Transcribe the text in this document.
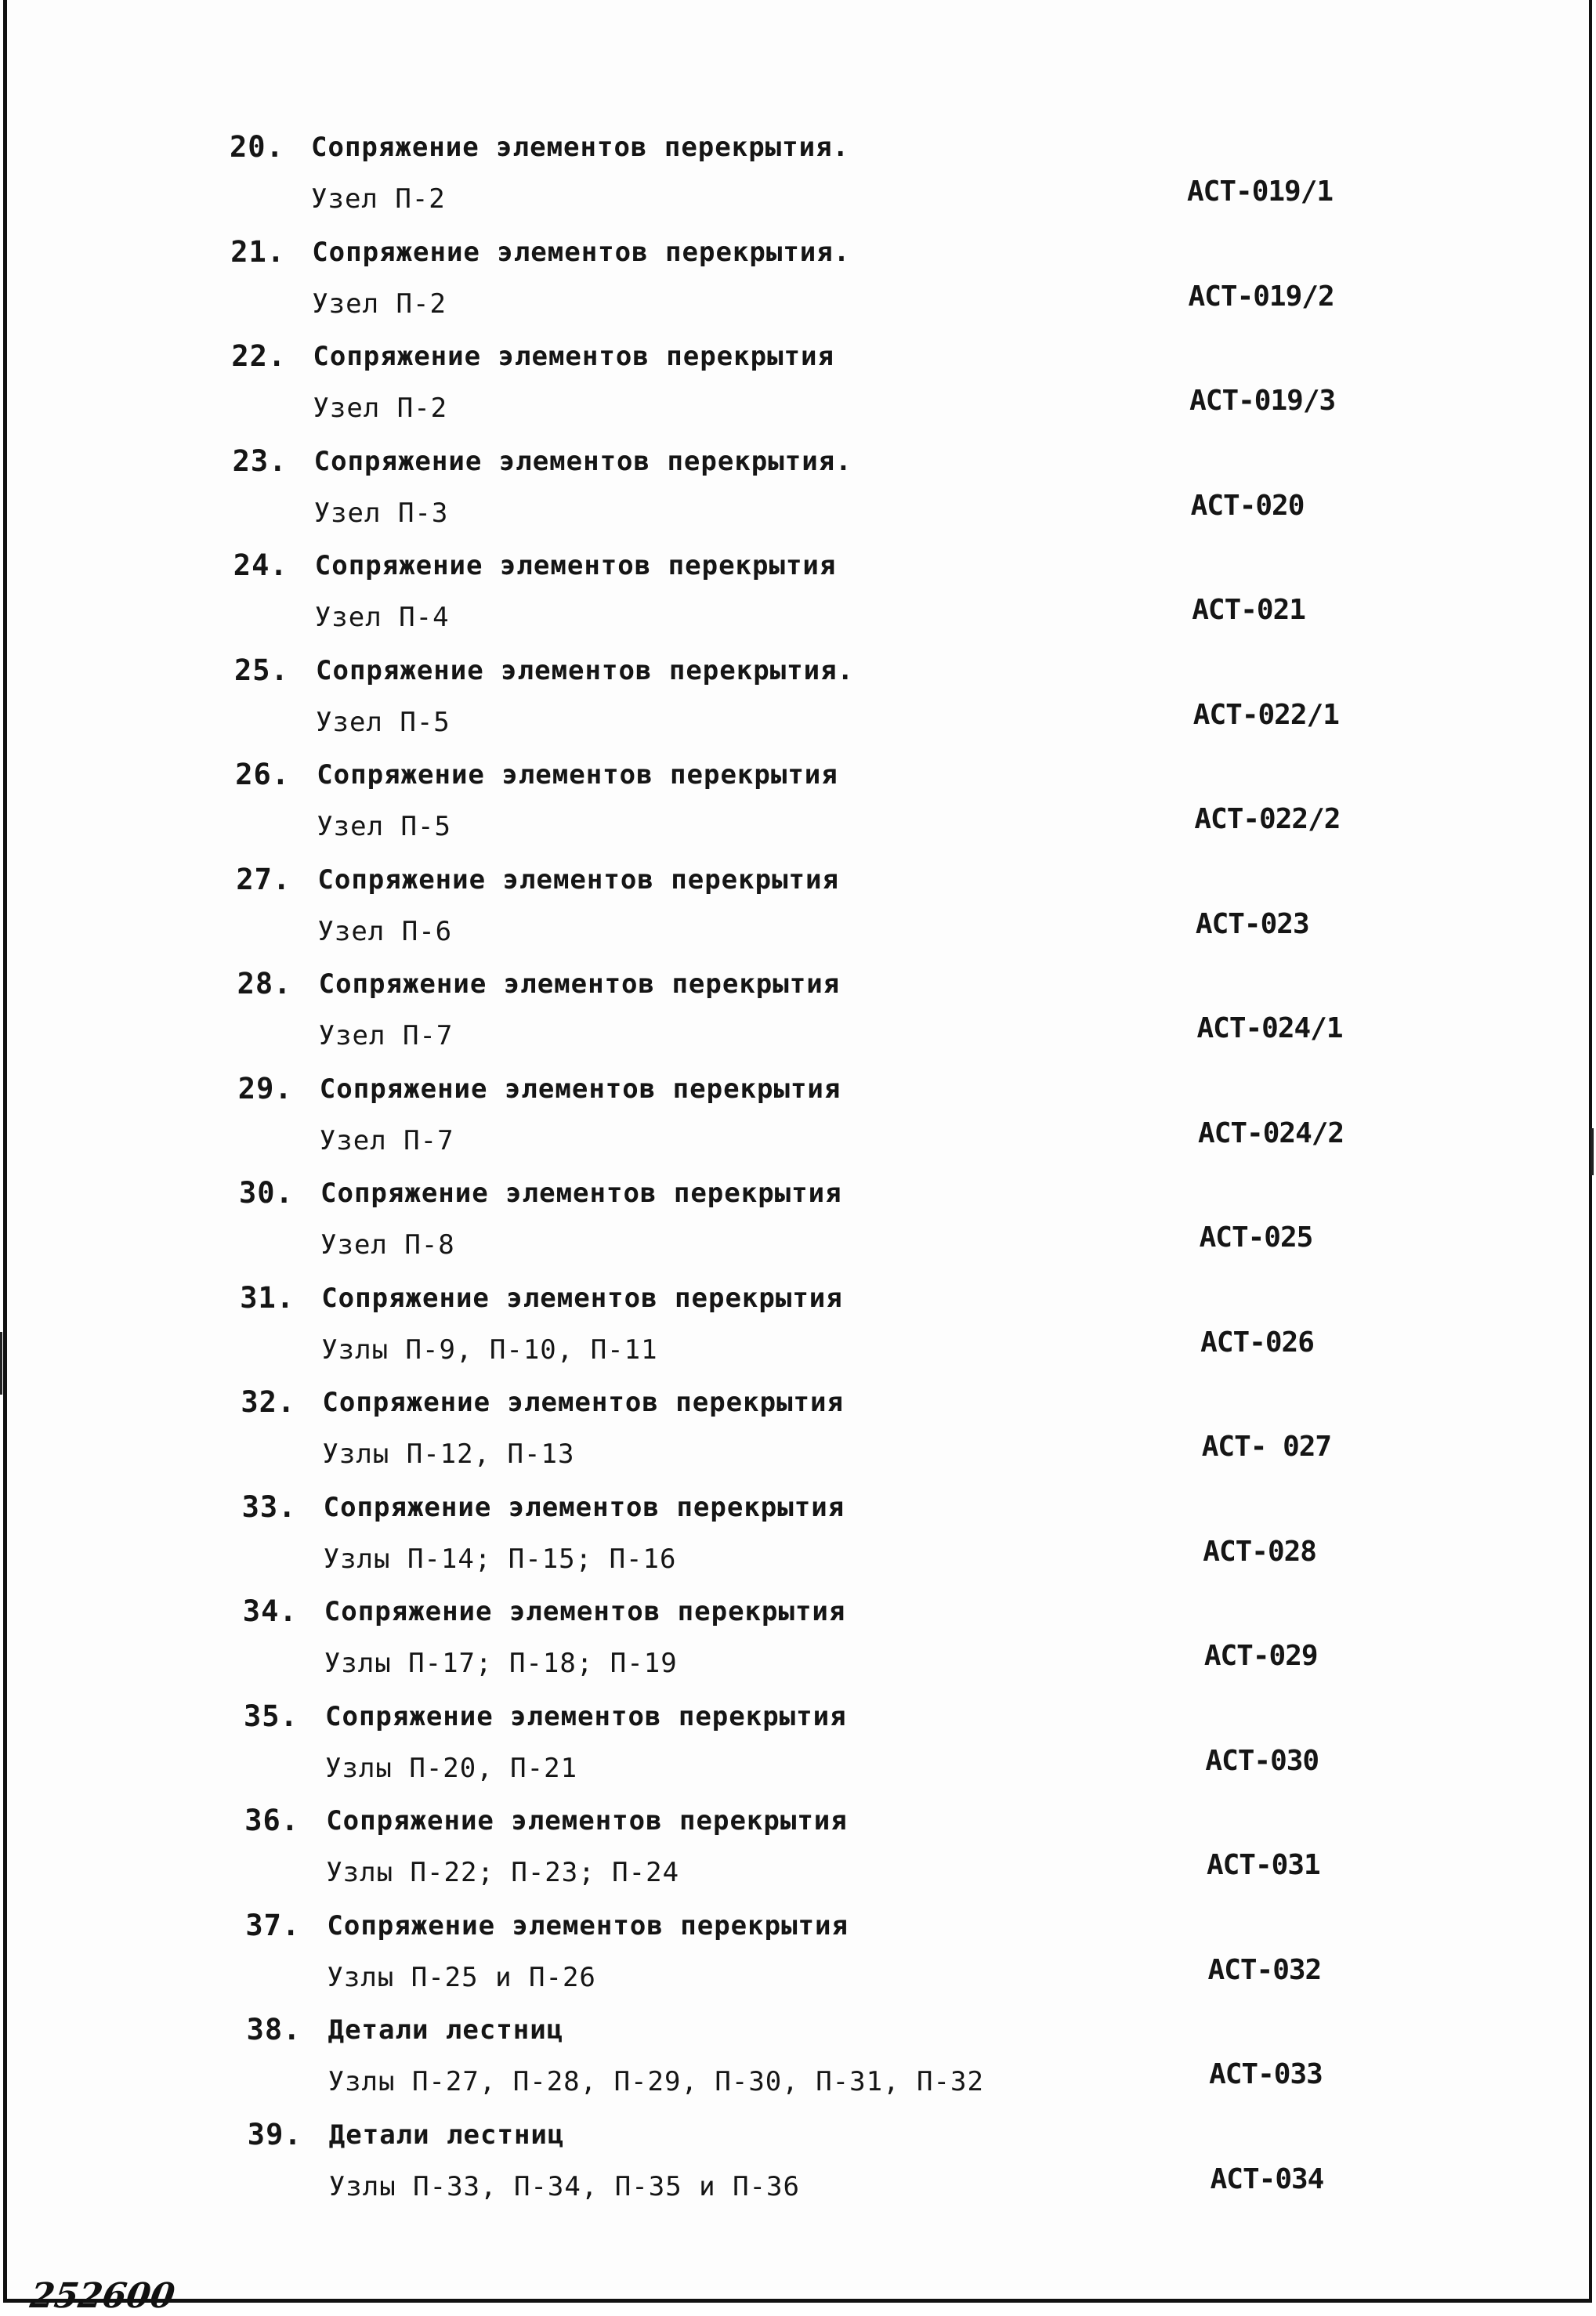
20. Сопряжение элементов перекрытия.
Узел П-2	АСТ-019/1
21. Сопряжение элементов перекрытия.
Узел П-2	АСТ-019/2
22. Сопряжение элементов перекрытия
Узел П-2	АСТ-019/3
23. Сопряжение элементов перекрытия.
Узел П-3	АСТ-020
24. Сопряжение элементов перекрытия
Узел П-4	АСТ-021
25. Сопряжение элементов перекрытия.
Узел П-5	АСТ-022/1
26. Сопряжение элементов перекрытия
Узел П-5	АСТ-022/2
27. Сопряжение элементов перекрытия
Узел П-6	АСТ-023
28. Сопряжение элементов перекрытия
Узел П-7	АСТ-024/1
29. Сопряжение элементов перекрытия
Узел П-7	АСТ-024/2
30. Сопряжение элементов перекрытия
Узел П-8	АСТ-025
31. Сопряжение элементов перекрытия
Узлы П-9, П-10, П-11	АСТ-026
32. Сопряжение элементов перекрытия
Узлы П-12, П-13	АСТ- 027
33. Сопряжение элементов перекрытия
Узлы П-14; П-15; П-16	АСТ-028
34. Сопряжение элементов перекрытия
Узлы П-17; П-18; П-19	АСТ-029
35. Сопряжение элементов перекрытия
Узлы П-20, П-21	АСТ-030
36. Сопряжение элементов перекрытия
Узлы П-22; П-23; П-24	АСТ-031
37. Сопряжение элементов перекрытия
Узлы П-25 и П-26	АСТ-032
38. Детали лестниц
Узлы П-27, П-28, П-29, П-30, П-31, П-32	АСТ-033
39. Детали лестниц
Узлы П-33, П-34, П-35 и П-36	АСТ-034
252600
